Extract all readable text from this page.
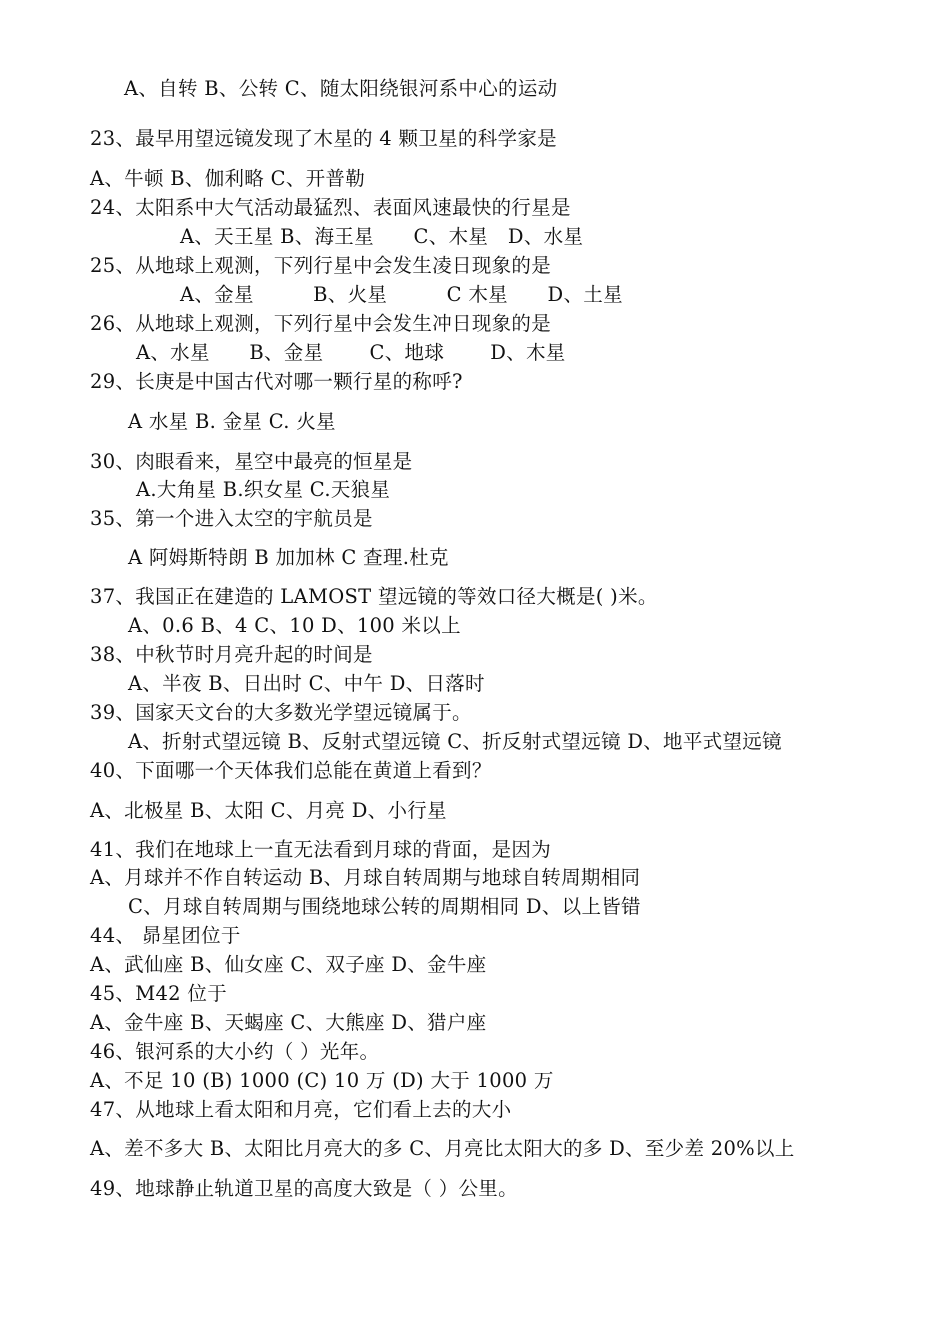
A、自转 B、公转 C、随太阳绕银河系中心的运动
23、最早用望远镜发现了木星的 4 颗卫星的科学家是
A、牛顿 B、伽利略 C、开普勒
24、太阳系中大气活动最猛烈、表面风速最快的行星是
A、天王星 B、海王星　　C、木星　D、水星
25、从地球上观测，下列行星中会发生凌日现象的是
A、金星　　　B、火星　　　C 木星　　D、土星
26、从地球上观测，下列行星中会发生冲日现象的是
A、水星　　B、金星　　 C、地球　　 D、木星
29、长庚是中国古代对哪一颗行星的称呼?
A 水星 B. 金星 C. 火星
30、肉眼看来，星空中最亮的恒星是
A.大角星 B.织女星 C.天狼星
35、第一个进入太空的宇航员是
A 阿姆斯特朗 B 加加林 C 查理.杜克
37、我国正在建造的 LAMOST 望远镜的等效口径大概是( )米。
A、0.6 B、4 C、10 D、100 米以上
38、中秋节时月亮升起的时间是
A、半夜 B、日出时 C、中午 D、日落时
39、国家天文台的大多数光学望远镜属于。
A、折射式望远镜 B、反射式望远镜 C、折反射式望远镜 D、地平式望远镜
40、下面哪一个天体我们总能在黄道上看到？
A、北极星 B、太阳 C、月亮 D、小行星
41、我们在地球上一直无法看到月球的背面，是因为
A、月球并不作自转运动 B、月球自转周期与地球自转周期相同
C、月球自转周期与围绕地球公转的周期相同 D、以上皆错
44、 昴星团位于
A、武仙座 B、仙女座 C、双子座 D、金牛座
45、M42 位于
A、金牛座 B、天蝎座 C、大熊座 D、猎户座
46、银河系的大小约（ ）光年。
A、不足 10 (B) 1000 (C) 10 万 (D) 大于 1000 万
47、从地球上看太阳和月亮，它们看上去的大小
A、差不多大 B、太阳比月亮大的多 C、月亮比太阳大的多 D、至少差 20%以上
49、地球静止轨道卫星的高度大致是（ ）公里。
